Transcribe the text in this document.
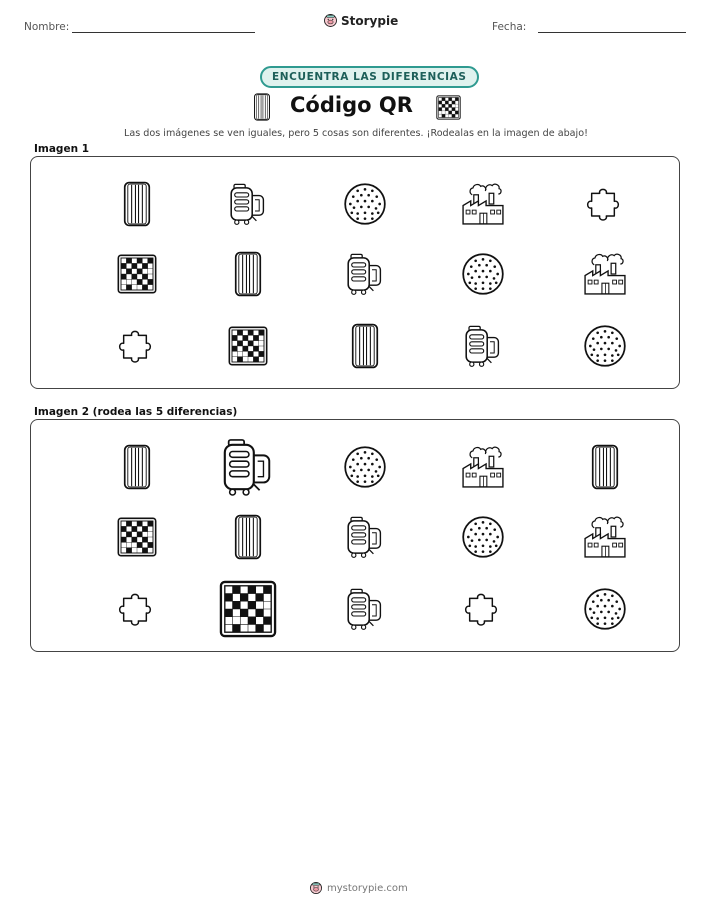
Nombre:	Fecha:
Storypie
ENCUENTRA LAS DIFERENCIAS
Código QR
Las dos imágenes se ven iguales, pero 5 cosas son diferentes. ¡Rodealas en la imagen de abajo!
Imagen 1
Imagen 2 (rodea las 5 diferencias)
mystorypie.com
